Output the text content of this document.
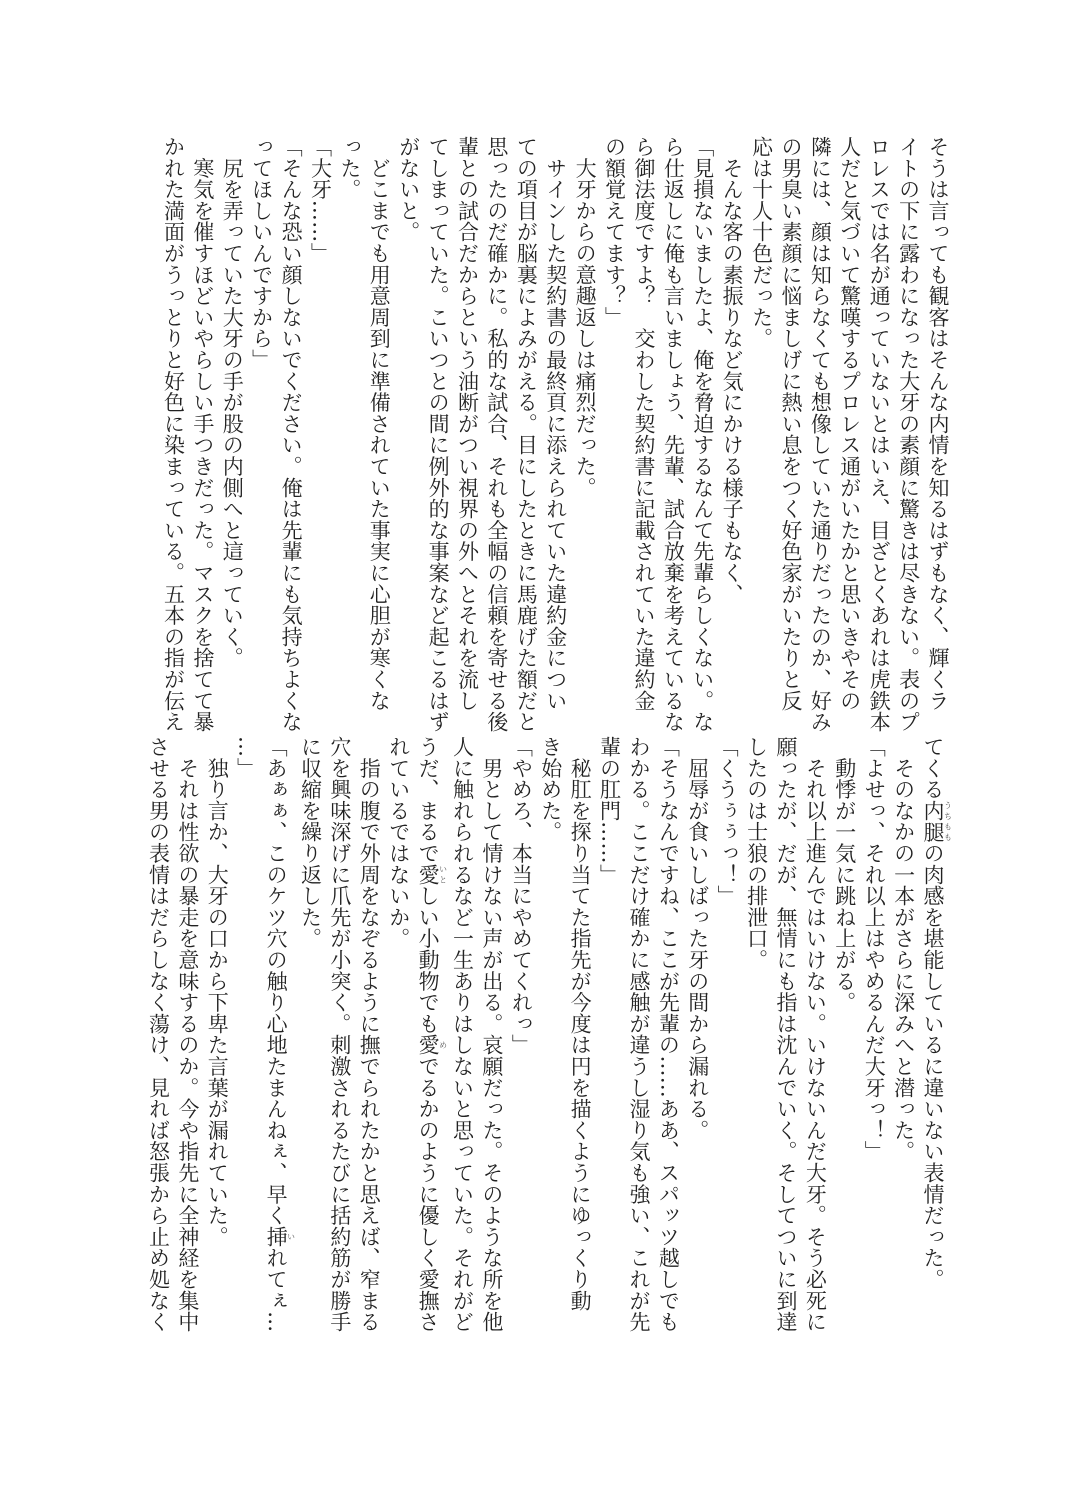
そうは言っても観客はそんな内情を知るはずもなく、輝くラ
イトの下に露わになった大牙の素顔に驚きは尽きない。表のプ
ロレスでは名が通っていないとはいえ、目ざとくあれは虎鉄本
人だと気づいて驚嘆するプロレス通がいたかと思いきやその
隣には、顔は知らなくても想像していた通りだったのか、好み
の男臭い素顔に悩ましげに熱い息をつく好色家がいたりと反
応は十人十色だった。
　そんな客の素振りなど気にかける様子もなく、
「見損ないましたよ、俺を脅迫するなんて先輩らしくない。な
ら仕返しに俺も言いましょう、先輩、試合放棄を考えているな
ら御法度ですよ？　交わした契約書に記載されていた違約金
の額覚えてます？」
　大牙からの意趣返しは痛烈だった。
　サインした契約書の最終頁に添えられていた違約金につい
ての項目が脳裏によみがえる。目にしたときに馬鹿げた額だと
思ったのだ確かに。私的な試合、それも全幅の信頼を寄せる後
輩との試合だからという油断がつい視界の外へとそれを流し
てしまっていた。こいつとの間に例外的な事案など起こるはず
がないと。
　どこまでも用意周到に準備されていた事実に心胆が寒くな
った。
「大牙……」
「そんな恐い顔しないでください。俺は先輩にも気持ちよくな
ってほしいんですから」
　尻を弄っていた大牙の手が股の内側へと這っていく。
　寒気を催すほどいやらしい手つきだった。マスクを捨てて暴
かれた満面がうっとりと好色に染まっている。五本の指が伝え
てくる内腿うちももの肉感を堪能しているに違いない表情だった。
　そのなかの一本がさらに深みへと潜った。
「よせっ、それ以上はやめるんだ大牙っ！」
　動悸が一気に跳ね上がる。
　それ以上進んではいけない。いけないんだ大牙。そう必死に
願ったが、だが、無情にも指は沈んでいく。そしてついに到達
したのは士狼の排泄口。
「くうぅぅっ！」
　屈辱が食いしばった牙の間から漏れる。
「そうなんですね、ここが先輩の……ああ、スパッツ越しでも
わかる。ここだけ確かに感触が違うし湿り気も強い、これが先
輩の肛門……」
　秘肛を探り当てた指先が今度は円を描くようにゆっくり動
き始めた。
「やめろ、本当にやめてくれっ」
　男として情けない声が出る。哀願だった。そのような所を他
人に触れられるなど一生ありはしないと思っていた。それがど
うだ、まるで愛いとしい小動物でも愛めでるかのように優しく愛撫さ
れているではないか。
　指の腹で外周をなぞるように撫でられたかと思えば、窄まる
穴を興味深げに爪先が小突く。刺激されるたびに括約筋が勝手
に収縮を繰り返した。
「あぁぁ、このケツ穴の触り心地たまんねぇ、早く挿いれてぇ…
…」
　独り言か、大牙の口から下卑た言葉が漏れていた。
　それは性欲の暴走を意味するのか。今や指先に全神経を集中
させる男の表情はだらしなく蕩け、見れば怒張から止め処なく
